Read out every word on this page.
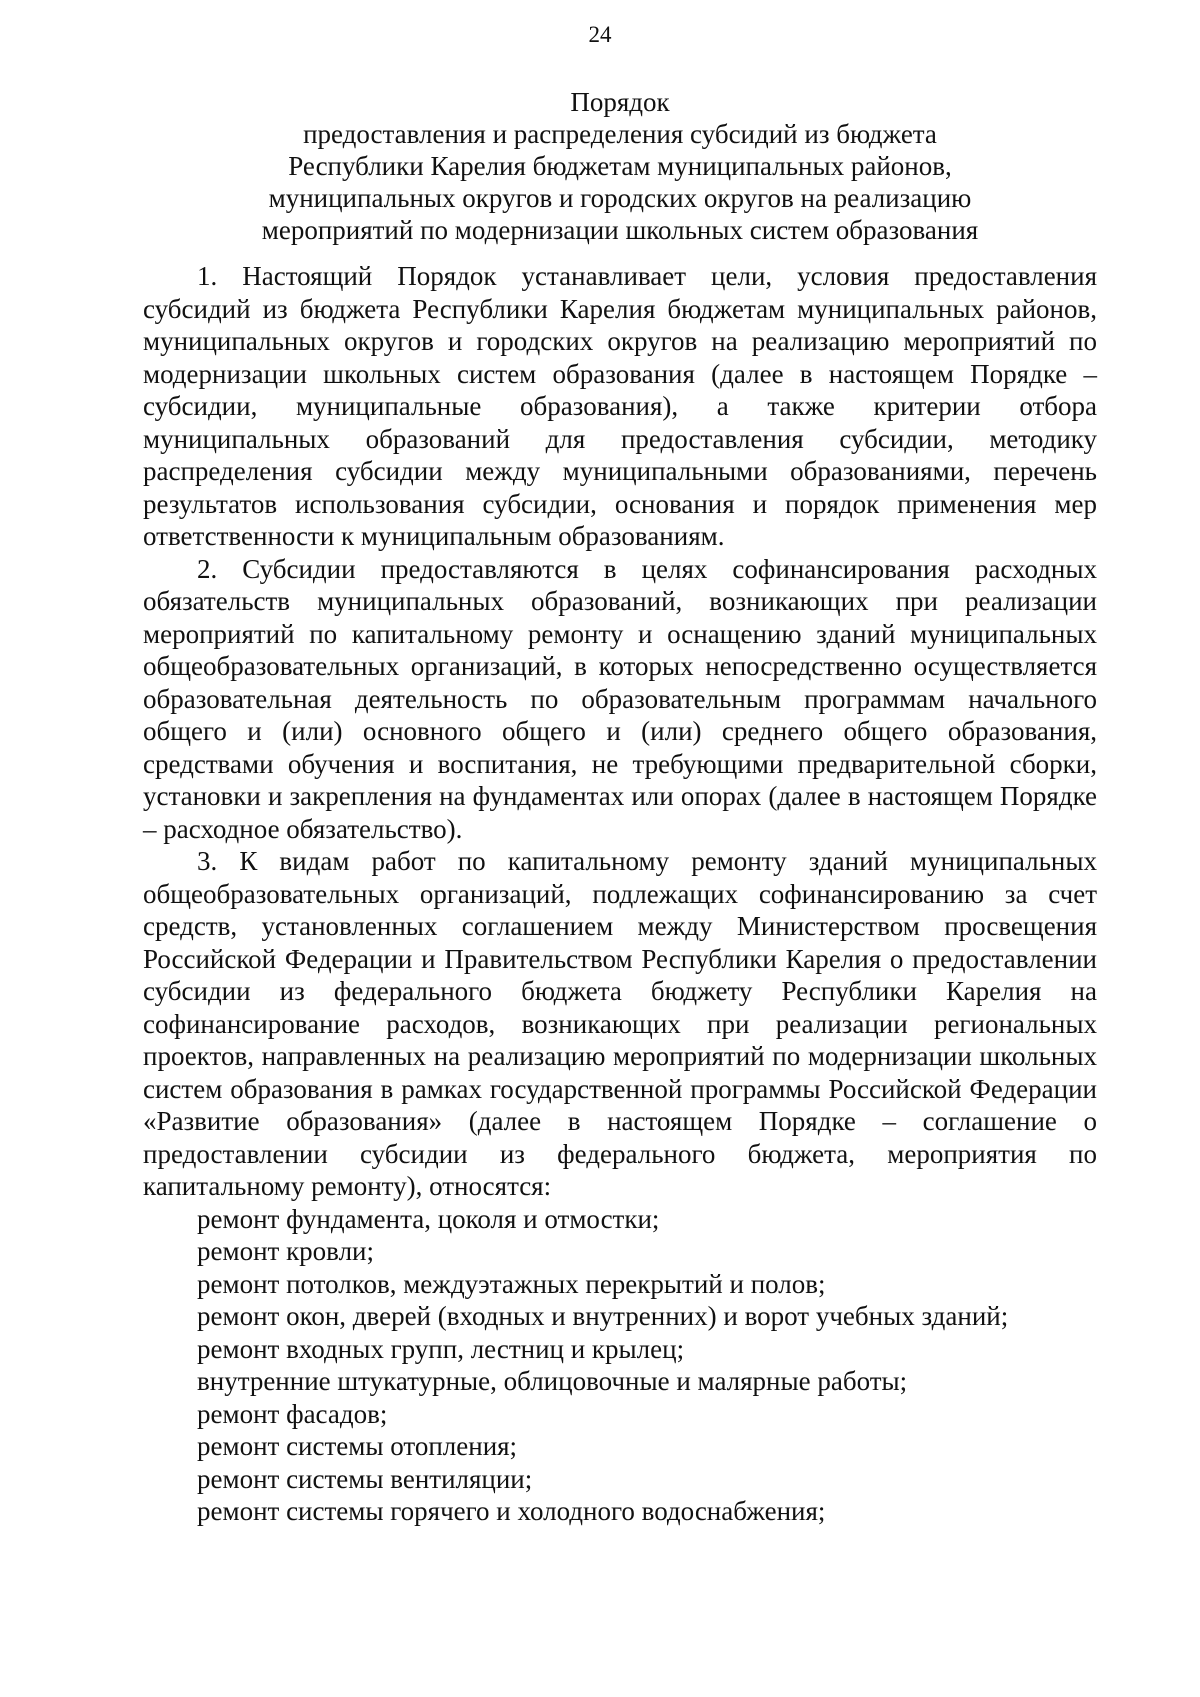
24
Порядок
предоставления и распределения субсидий из бюджета
Республики Карелия бюджетам муниципальных районов,
муниципальных округов и городских округов на реализацию
мероприятий по модернизации школьных систем образования

1. Настоящий Порядок устанавливает цели, условия предоставления субсидий из бюджета Республики Карелия бюджетам муниципальных районов, муниципальных округов и городских округов на реализацию мероприятий по модернизации школьных систем образования (далее в настоящем Порядке – субсидии, муниципальные образования), а также критерии отбора муниципальных образований для предоставления субсидии, методику распределения субсидии между муниципальными образованиями, перечень результатов использования субсидии, основания и порядок применения мер ответственности к муниципальным образованиям.

2. Субсидии предоставляются в целях софинансирования расходных обязательств муниципальных образований, возникающих при реализации мероприятий по капитальному ремонту и оснащению зданий муниципальных общеобразовательных организаций, в которых непосредственно осуществляется образовательная деятельность по образовательным программам начального общего и (или) основного общего и (или) среднего общего образования, средствами обучения и воспитания, не требующими предварительной сборки, установки и закрепления на фундаментах или опорах (далее в настоящем Порядке – расходное обязательство).

3. К видам работ по капитальному ремонту зданий муниципальных общеобразовательных организаций, подлежащих софинансированию за счет средств, установленных соглашением между Министерством просвещения Российской Федерации и Правительством Республики Карелия о предоставлении субсидии из федерального бюджета бюджету Республики Карелия на софинансирование расходов, возникающих при реализации региональных проектов, направленных на реализацию мероприятий по модернизации школьных систем образования в рамках государственной программы Российской Федерации «Развитие образования» (далее в настоящем Порядке – соглашение о предоставлении субсидии из федерального бюджета, мероприятия по капитальному ремонту), относятся:

ремонт фундамента, цоколя и отмостки;

ремонт кровли;

ремонт потолков, междуэтажных перекрытий и полов;

ремонт окон, дверей (входных и внутренних) и ворот учебных зданий;

ремонт входных групп, лестниц и крылец;

внутренние штукатурные, облицовочные и малярные работы;

ремонт фасадов;

ремонт системы отопления;

ремонт системы вентиляции;

ремонт системы горячего и холодного водоснабжения;
